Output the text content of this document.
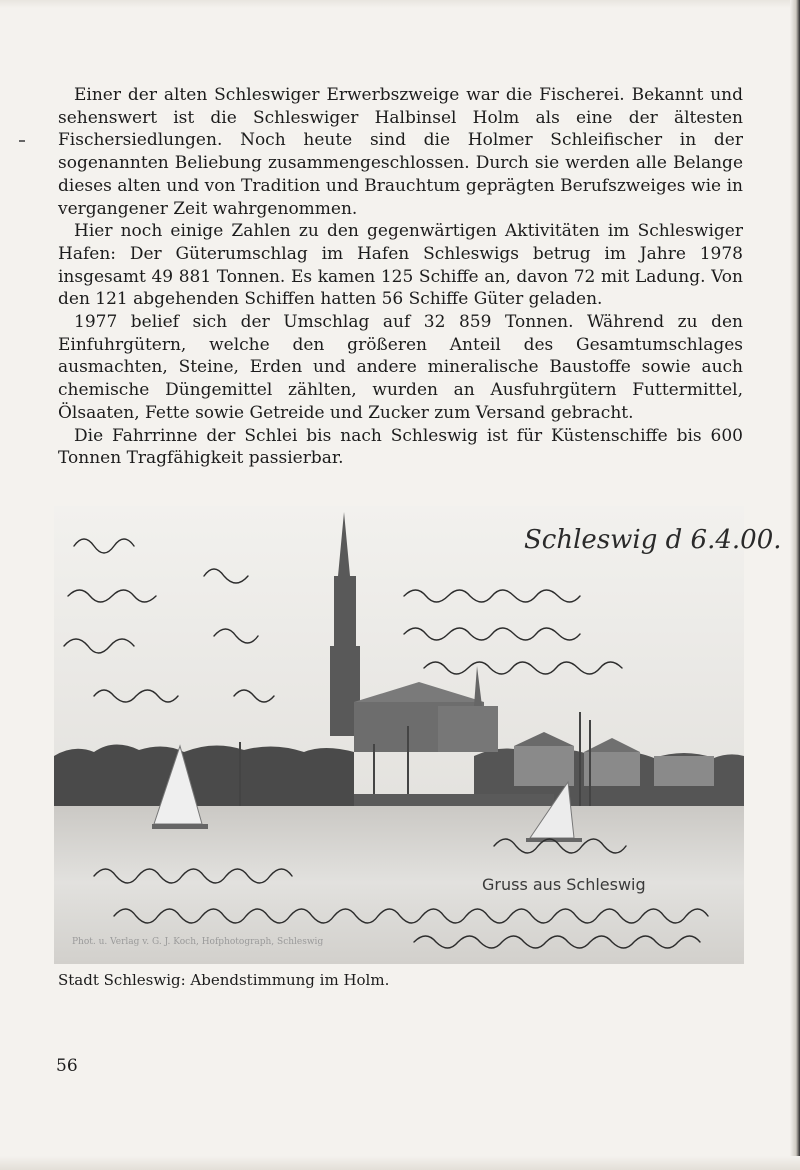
Einer der alten Schleswiger Erwerbszweige war die Fischerei. Bekannt und sehenswert ist die Schleswiger Halbinsel Holm als eine der ältesten Fischersiedlungen. Noch heute sind die Holmer Schleifischer in der sogenannten Beliebung zusammengeschlossen. Durch sie werden alle Belange dieses alten und von Tradition und Brauchtum geprägten Berufszweiges wie in vergangener Zeit wahrgenommen.

Hier noch einige Zahlen zu den gegenwärtigen Aktivitäten im Schleswiger Hafen: Der Güterumschlag im Hafen Schleswigs betrug im Jahre 1978 insgesamt 49 881 Tonnen. Es kamen 125 Schiffe an, davon 72 mit Ladung. Von den 121 abgehenden Schiffen hatten 56 Schiffe Güter geladen.

1977 belief sich der Umschlag auf 32 859 Tonnen. Während zu den Einfuhrgütern, welche den größeren Anteil des Gesamtumschlages ausmachten, Steine, Erden und andere mineralische Baustoffe sowie auch chemische Düngemittel zählten, wurden an Ausfuhrgütern Futtermittel, Ölsaaten, Fette sowie Getreide und Zucker zum Versand gebracht.

Die Fahrrinne der Schlei bis nach Schleswig ist für Küstenschiffe bis 600 Tonnen Tragfähigkeit passierbar.

Schleswig d 6.4.00.
Gruss aus Schleswig
Phot. u. Verlag v. G. J. Koch, Hofphotograph, Schleswig
Stadt Schleswig: Abendstimmung im Holm.
56
